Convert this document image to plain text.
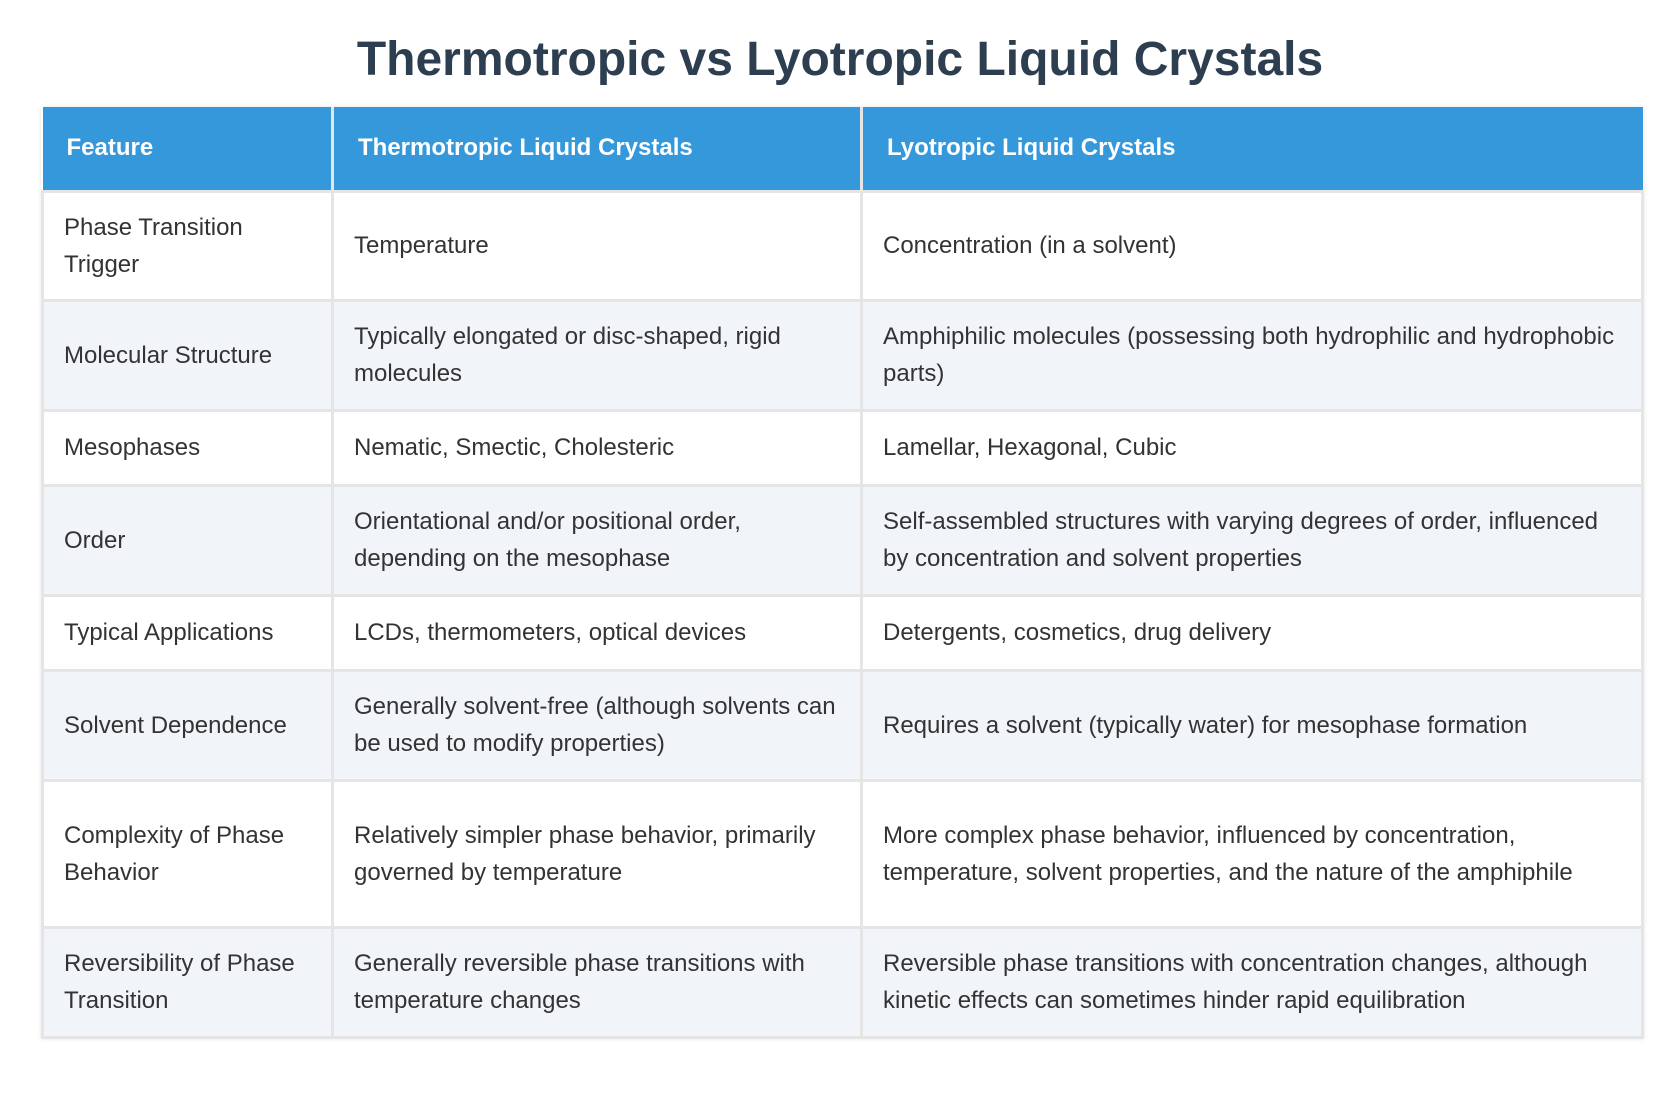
Thermotropic vs Lyotropic Liquid Crystals
Feature	Thermotropic Liquid Crystals	Lyotropic Liquid Crystals
Phase Transition Trigger	Temperature	Concentration (in a solvent)
Molecular Structure	Typically elongated or disc-shaped, rigid molecules	Amphiphilic molecules (possessing both hydrophilic and hydrophobic parts)
Mesophases	Nematic, Smectic, Cholesteric	Lamellar, Hexagonal, Cubic
Order	Orientational and/or positional order, depending on the mesophase	Self-assembled structures with varying degrees of order, influenced by concentration and solvent properties
Typical Applications	LCDs, thermometers, optical devices	Detergents, cosmetics, drug delivery
Solvent Dependence	Generally solvent-free (although solvents can be used to modify properties)	Requires a solvent (typically water) for mesophase formation
Complexity of Phase Behavior	Relatively simpler phase behavior, primarily governed by temperature	More complex phase behavior, influenced by concentration, temperature, solvent properties, and the nature of the amphiphile
Reversibility of Phase Transition	Generally reversible phase transitions with temperature changes	Reversible phase transitions with concentration changes, although kinetic effects can sometimes hinder rapid equilibration
